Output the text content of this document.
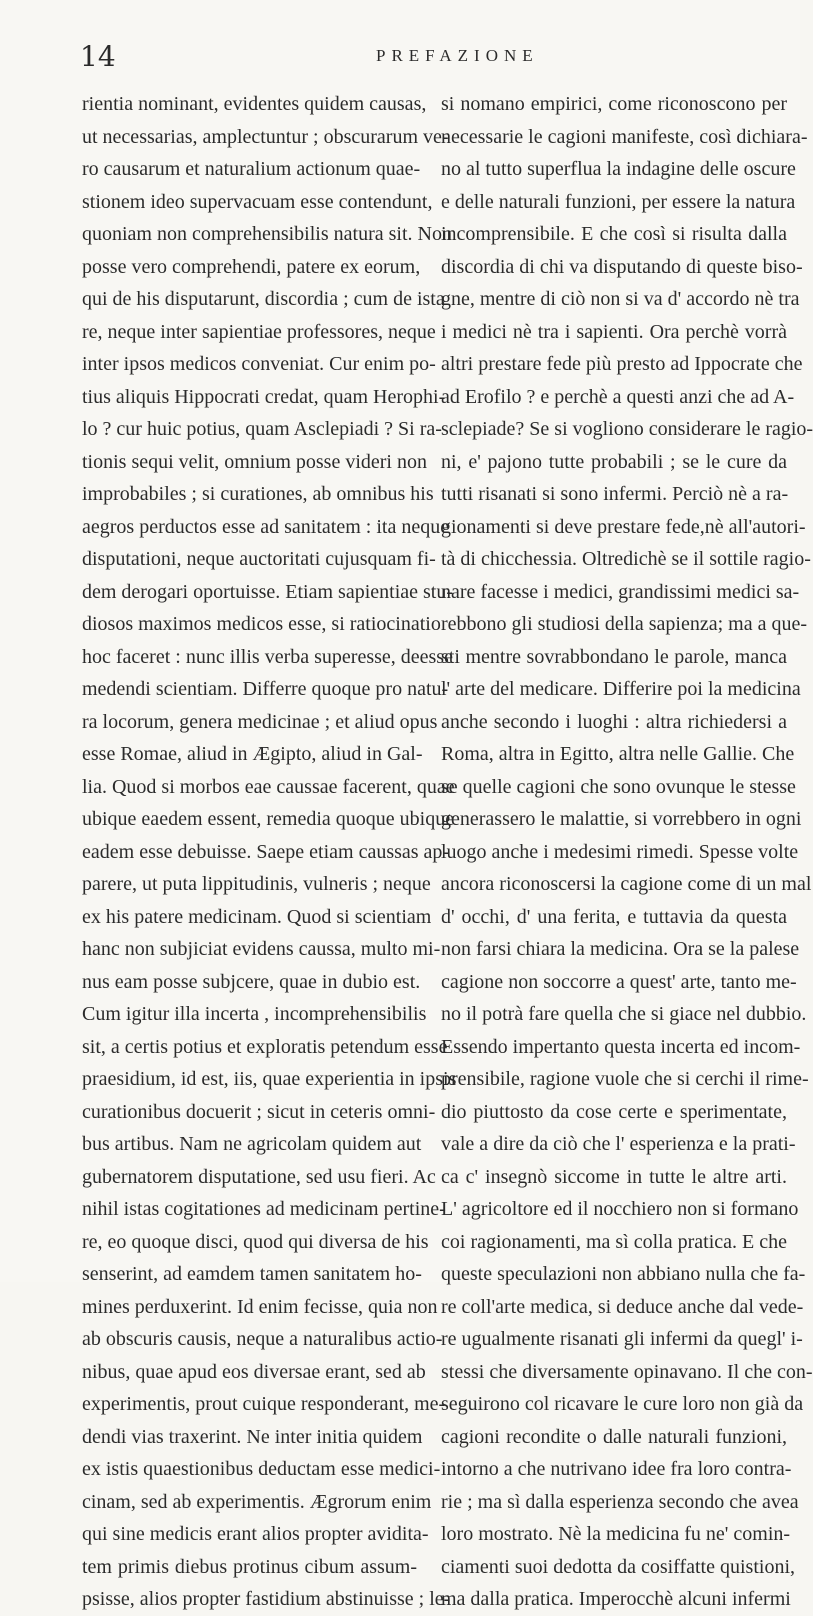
14	PREFAZIONE
rientia nominant, evidentes quidem causas,
ut necessarias, amplectuntur ; obscurarum ve-
ro causarum et naturalium actionum quae-
stionem ideo supervacuam esse contendunt,
quoniam non comprehensibilis natura sit. Non
posse vero comprehendi, patere ex eorum,
qui de his disputarunt, discordia ; cum de ista
re, neque inter sapientiae professores, neque
inter ipsos medicos conveniat. Cur enim po-
tius aliquis Hippocrati credat, quam Herophi-
lo ? cur huic potius, quam Asclepiadi ? Si ra-
tionis sequi velit, omnium posse videri non
improbabiles ; si curationes, ab omnibus his
aegros perductos esse ad sanitatem : ita neque
disputationi, neque auctoritati cujusquam fi-
dem derogari oportuisse. Etiam sapientiae stu-
diosos maximos medicos esse, si ratiocinatio
hoc faceret : nunc illis verba superesse, deesse
medendi scientiam. Differre quoque pro natu-
ra locorum, genera medicinae ; et aliud opus
esse Romae, aliud in Ægipto, aliud in Gal-
lia. Quod si morbos eae caussae facerent, quae
ubique eaedem essent, remedia quoque ubique
eadem esse debuisse. Saepe etiam caussas ap-
parere, ut puta lippitudinis, vulneris ; neque
ex his patere medicinam. Quod si scientiam
hanc non subjiciat evidens caussa, multo mi-
nus eam posse subjcere, quae in dubio est.
Cum igitur illa incerta , incomprehensibilis
sit, a certis potius et exploratis petendum esse
praesidium, id est, iis, quae experientia in ipsis
curationibus docuerit ; sicut in ceteris omni-
bus artibus. Nam ne agricolam quidem aut
gubernatorem disputatione, sed usu fieri. Ac
nihil istas cogitationes ad medicinam pertine-
re, eo quoque disci, quod qui diversa de his
senserint, ad eamdem tamen sanitatem ho-
mines perduxerint. Id enim fecisse, quia non
ab obscuris causis, neque a naturalibus actio-
nibus, quae apud eos diversae erant, sed ab
experimentis, prout cuique responderant, me-
dendi vias traxerint. Ne inter initia quidem
ex istis quaestionibus deductam esse medici-
cinam, sed ab experimentis. Ægrorum enim
qui sine medicis erant alios propter avidita-
tem primis diebus protinus cibum assum-
psisse, alios propter fastidium abstinuisse ; le-
si nomano empirici, come riconoscono per
necessarie le cagioni manifeste, così dichiara-
no al tutto superflua la indagine delle oscure
e delle naturali funzioni, per essere la natura
incomprensibile. E che così si risulta dalla
discordia di chi va disputando di queste biso-
gne, mentre di ciò non si va d' accordo nè tra
i medici nè tra i sapienti. Ora perchè vorrà
altri prestare fede più presto ad Ippocrate che
ad Erofilo ? e perchè a questi anzi che ad A-
sclepiade? Se si vogliono considerare le ragio-
ni, e' pajono tutte probabili ; se le cure da
tutti risanati si sono infermi. Perciò nè a ra-
gionamenti si deve prestare fede,nè all'autori-
tà di chicchessia. Oltredichè se il sottile ragio-
nare facesse i medici, grandissimi medici sa-
rebbono gli studiosi della sapienza; ma a que-
sti mentre sovrabbondano le parole, manca
l' arte del medicare. Differire poi la medicina
anche secondo i luoghi : altra richiedersi a
Roma, altra in Egitto, altra nelle Gallie. Che
se quelle cagioni che sono ovunque le stesse
generassero le malattie, si vorrebbero in ogni
luogo anche i medesimi rimedi. Spesse volte
ancora riconoscersi la cagione come di un mal
d' occhi, d' una ferita, e tuttavia da questa
non farsi chiara la medicina. Ora se la palese
cagione non soccorre a quest' arte, tanto me-
no il potrà fare quella che si giace nel dubbio.
Essendo impertanto questa incerta ed incom-
prensibile, ragione vuole che si cerchi il rime-
dio piuttosto da cose certe e sperimentate,
vale a dire da ciò che l' esperienza e la prati-
ca c' insegnò siccome in tutte le altre arti.
L' agricoltore ed il nocchiero non si formano
coi ragionamenti, ma sì colla pratica. E che
queste speculazioni non abbiano nulla che fa-
re coll'arte medica, si deduce anche dal vede-
re ugualmente risanati gli infermi da quegl' i-
stessi che diversamente opinavano. Il che con-
seguirono col ricavare le cure loro non già da
cagioni recondite o dalle naturali funzioni,
intorno a che nutrivano idee fra loro contra-
rie ; ma sì dalla esperienza secondo che avea
loro mostrato. Nè la medicina fu ne' comin-
ciamenti suoi dedotta da cosiffatte quistioni,
ma dalla pratica. Imperocchè alcuni infermi
